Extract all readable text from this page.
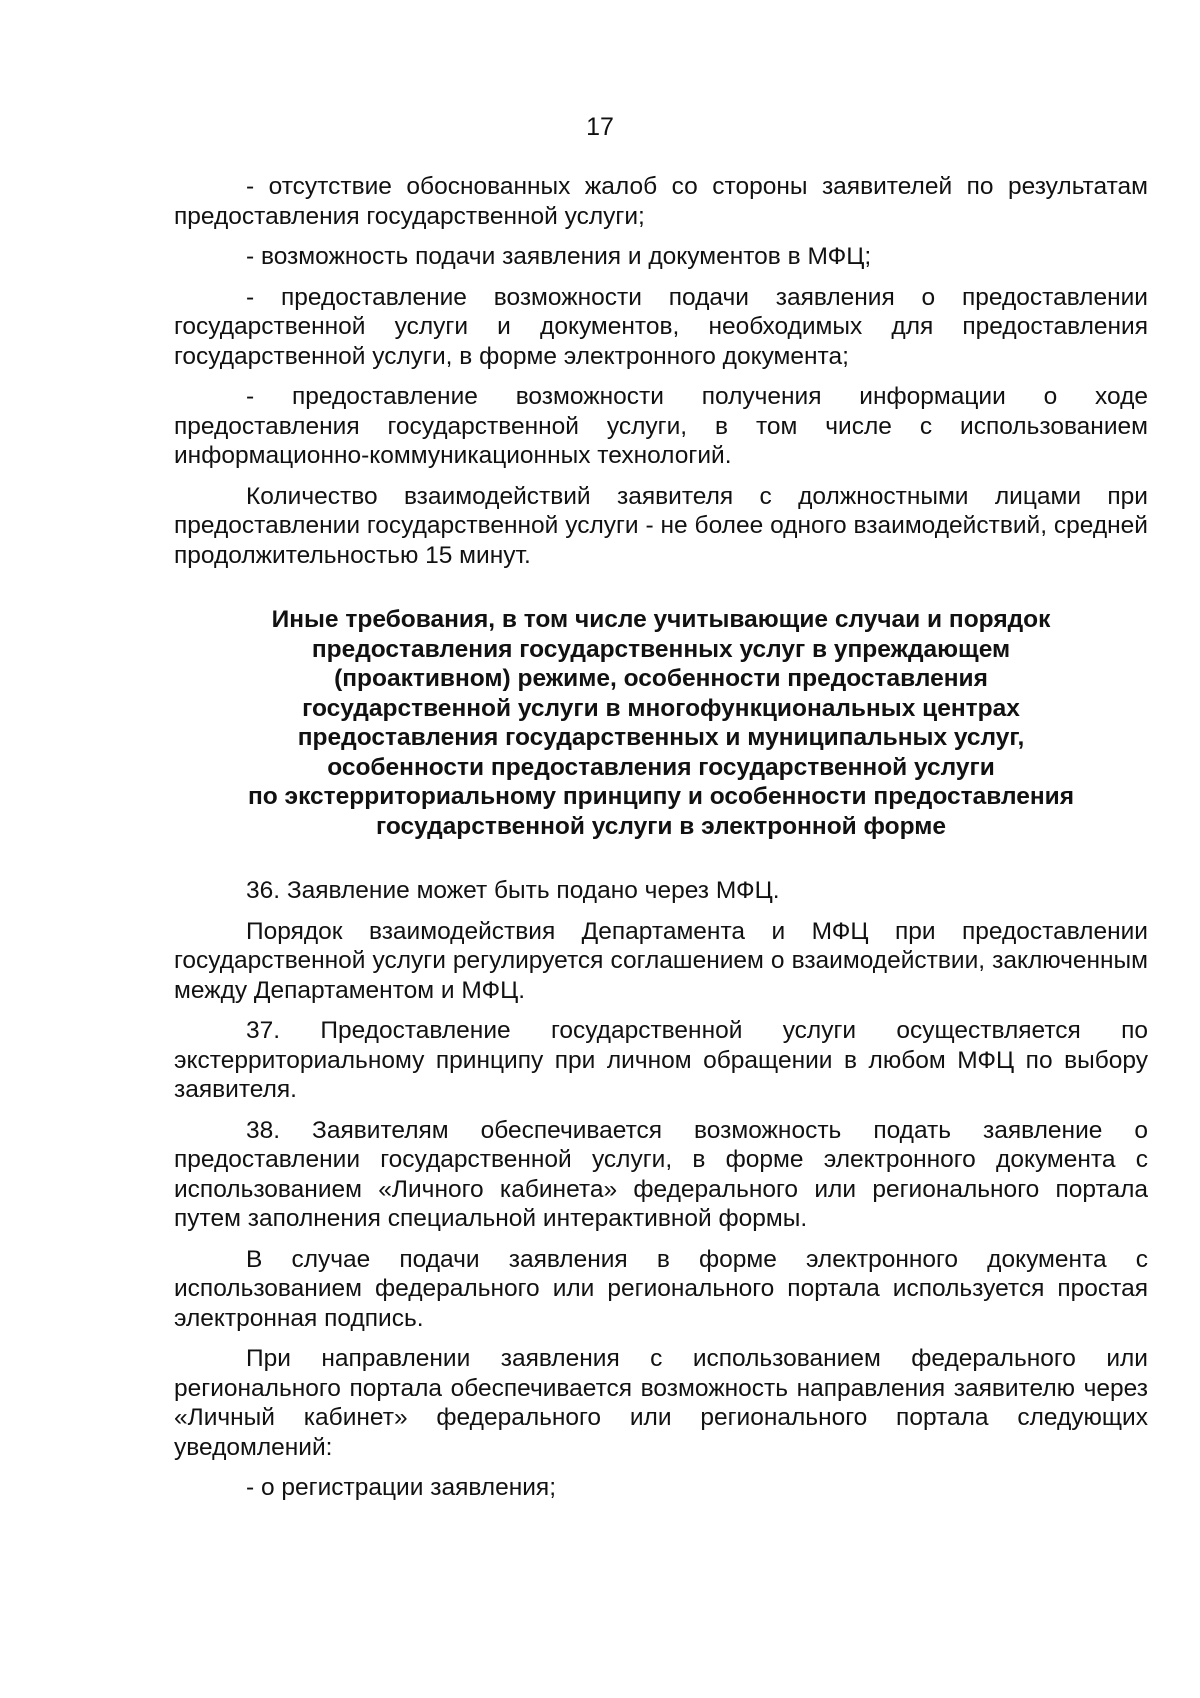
17

- отсутствие обоснованных жалоб со стороны заявителей по результатам предоставления государственной услуги;

- возможность подачи заявления и документов в МФЦ;

- предоставление возможности подачи заявления о предоставлении государственной услуги и документов, необходимых для предоставления государственной услуги, в форме электронного документа;

- предоставление возможности получения информации о ходе предоставления государственной услуги, в том числе с использованием информационно-коммуникационных технологий.

Количество взаимодействий заявителя с должностными лицами при предоставлении государственной услуги - не более одного взаимодействий, средней продолжительностью 15 минут.

Иные требования, в том числе учитывающие случаи и порядок
предоставления государственных услуг в упреждающем
(проактивном) режиме, особенности предоставления
государственной услуги в многофункциональных центрах
предоставления государственных и муниципальных услуг,
особенности предоставления государственной услуги
по экстерриториальному принципу и особенности предоставления
государственной услуги в электронной форме

36. Заявление может быть подано через МФЦ.

Порядок взаимодействия Департамента и МФЦ при предоставлении государственной услуги регулируется соглашением о взаимодействии, заключенным между Департаментом и МФЦ.

37. Предоставление государственной услуги осуществляется по экстерриториальному принципу при личном обращении в любом МФЦ по выбору заявителя.

38. Заявителям обеспечивается возможность подать заявление о предоставлении государственной услуги, в форме электронного документа с использованием «Личного кабинета» федерального или регионального портала путем заполнения специальной интерактивной формы.

В случае подачи заявления в форме электронного документа с использованием федерального или регионального портала используется простая электронная подпись.

При направлении заявления с использованием федерального или регионального портала обеспечивается возможность направления заявителю через «Личный кабинет» федерального или регионального портала следующих уведомлений:

- о регистрации заявления;
